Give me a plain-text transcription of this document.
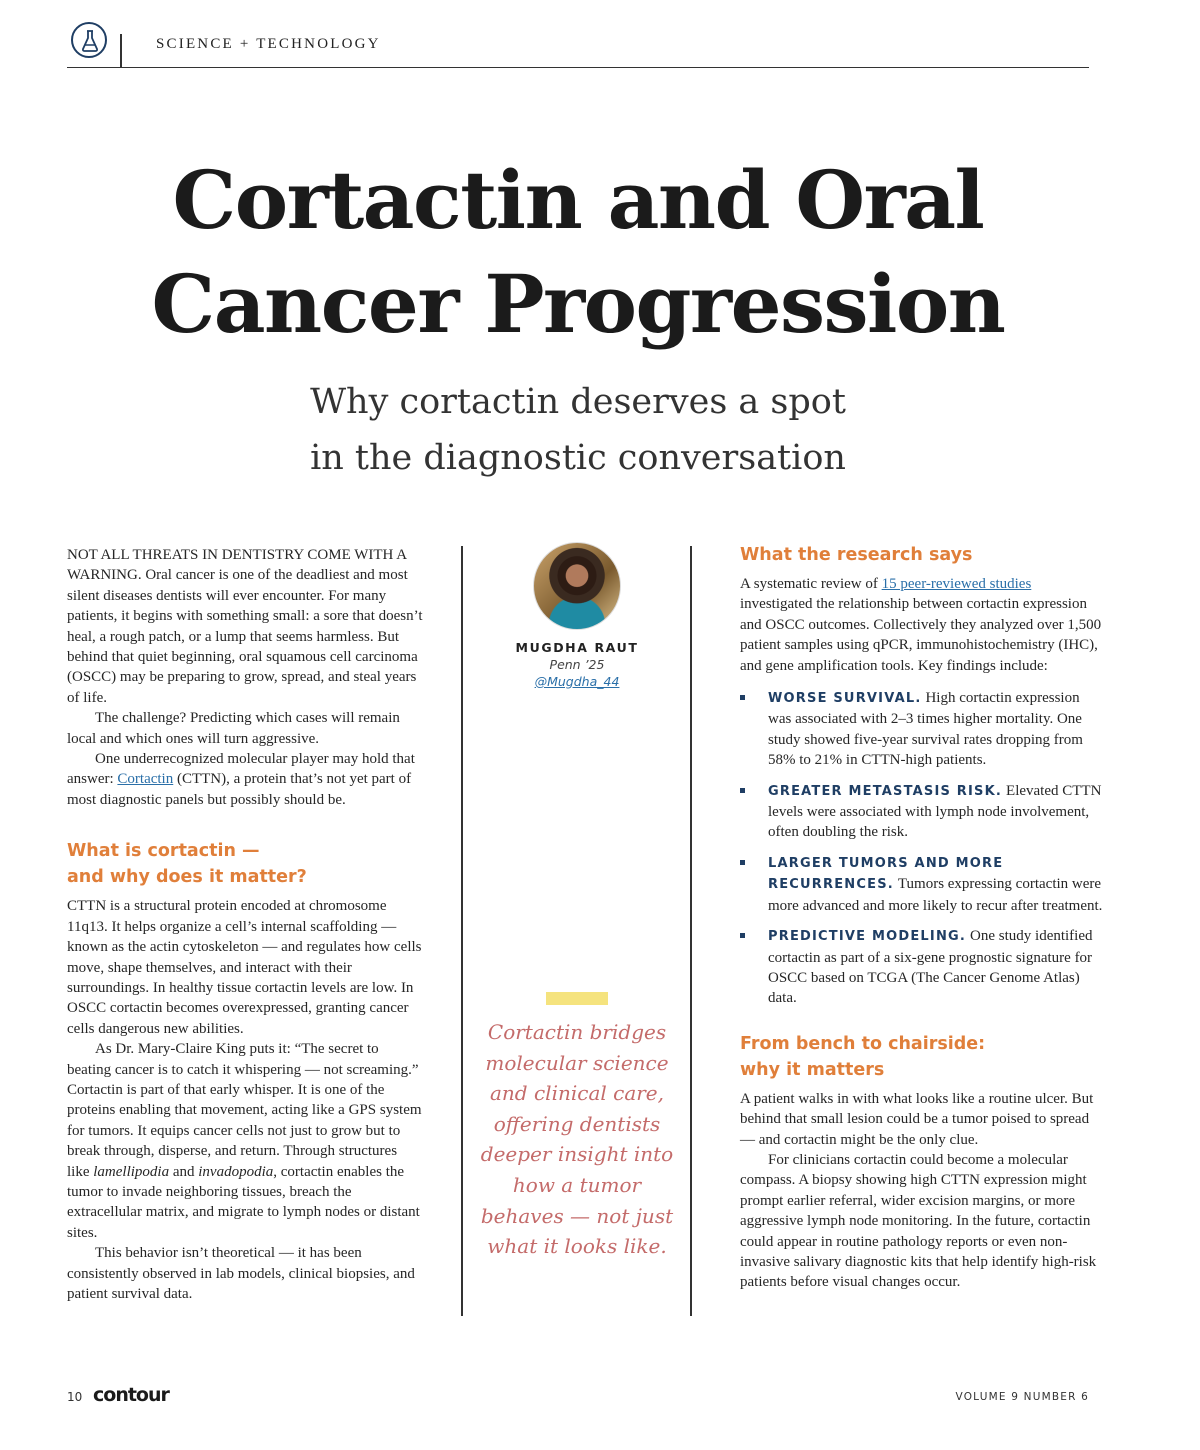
SCIENCE + TECHNOLOGY
Cortactin and Oral
Cancer Progression
Why cortactin deserves a spot
in the diagnostic conversation

NOT ALL THREATS IN DENTISTRY COME WITH A WARNING. Oral cancer is one of the deadliest and most silent diseases dentists will ever encounter. For many patients, it begins with something small: a sore that doesn’t heal, a rough patch, or a lump that seems harmless. But behind that quiet beginning, oral squamous cell carcinoma (OSCC) may be preparing to grow, spread, and steal years of life.

The challenge? Predicting which cases will remain local and which ones will turn aggressive.

One underrecognized molecular player may hold that answer: Cortactin (CTTN), a protein that’s not yet part of most diagnostic panels but possibly should be.

What is cortactin —
and why does it matter?

CTTN is a structural protein encoded at chromosome 11q13. It helps organize a cell’s internal scaffolding — known as the actin cytoskeleton — and regulates how cells move, shape themselves, and interact with their surroundings. In healthy tissue cortactin levels are low. In OSCC cortactin becomes overexpressed, granting cancer cells dangerous new abilities.

As Dr. Mary-Claire King puts it: “The secret to beating cancer is to catch it whispering — not screaming.” Cortactin is part of that early whisper. It is one of the proteins enabling that movement, acting like a GPS system for tumors. It equips cancer cells not just to grow but to break through, disperse, and return. Through structures like lamellipodia and invadopodia, cortactin enables the tumor to invade neighboring tissues, breach the extracellular matrix, and migrate to lymph nodes or distant sites.

This behavior isn’t theoretical — it has been consistently observed in lab models, clinical biopsies, and patient survival data.

MUGDHA RAUT
Penn ’25
@Mugdha_44
Cortactin bridges molecular science and clinical care, offering dentists deeper insight into how a tumor behaves — not just what it looks like.
What the research says

A systematic review of 15 peer-reviewed studies investigated the relationship between cortactin expression and OSCC outcomes. Collectively they analyzed over 1,500 patient samples using qPCR, immunohistochemistry (IHC), and gene amplification tools. Key findings include:

WORSE SURVIVAL. High cortactin expression was associated with 2–3 times higher mortality. One study showed five-year survival rates dropping from 58% to 21% in CTTN-high patients.
GREATER METASTASIS RISK. Elevated CTTN levels were associated with lymph node involvement, often doubling the risk.
LARGER TUMORS AND MORE RECURRENCES. Tumors expressing cortactin were more advanced and more likely to recur after treatment.
PREDICTIVE MODELING. One study identified cortactin as part of a six-gene prognostic signature for OSCC based on TCGA (The Cancer Genome Atlas) data.
From bench to chairside:
why it matters

A patient walks in with what looks like a routine ulcer. But behind that small lesion could be a tumor poised to spread — and cortactin might be the only clue.

For clinicians cortactin could become a molecular compass. A biopsy showing high CTTN expression might prompt earlier referral, wider excision margins, or more aggressive lymph node monitoring. In the future, cortactin could appear in routine pathology reports or even non-invasive salivary diagnostic kits that help identify high-risk patients before visual changes occur.

10 contour	VOLUME 9 NUMBER 6
